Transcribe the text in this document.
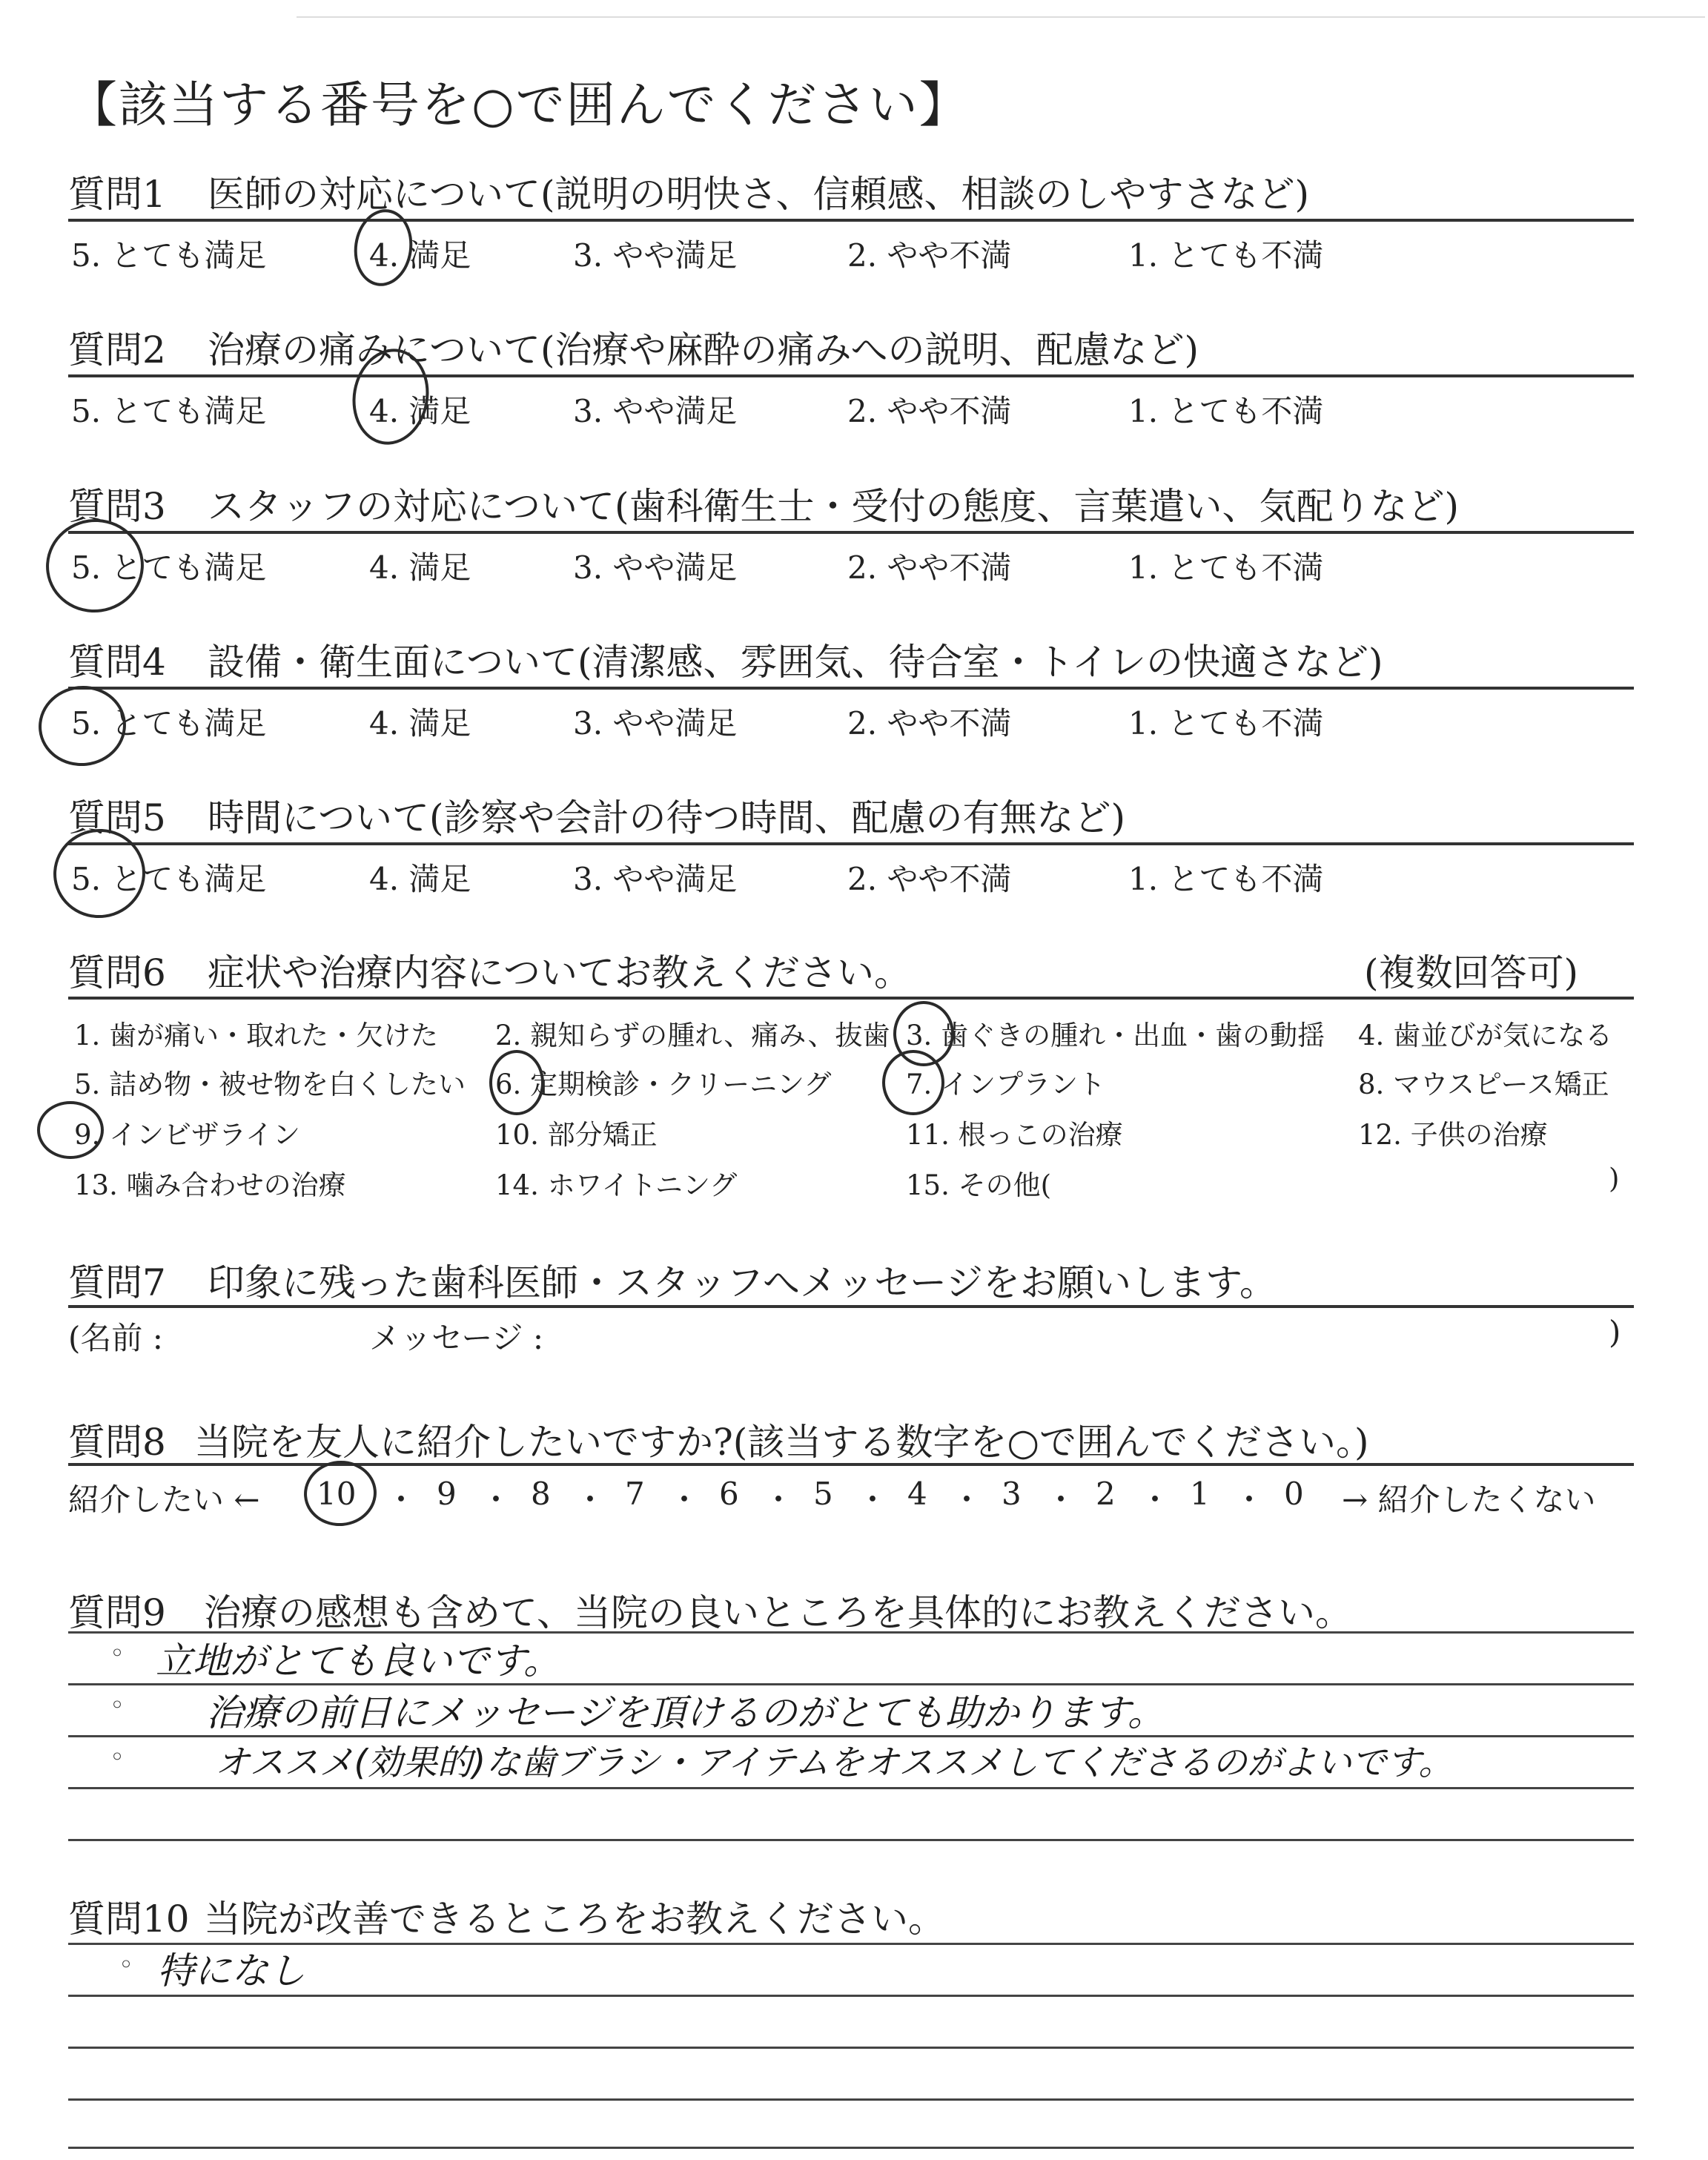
【該当する番号を○で囲んでください】
質問1 医師の対応について(説明の明快さ、信頼感、相談のしやすさなど)
5. とても満足	4. 満足	3. やや満足	2. やや不満	1. とても不満
質問2 治療の痛みについて(治療や麻酔の痛みへの説明、配慮など)
5. とても満足	4. 満足	3. やや満足	2. やや不満	1. とても不満
質問3 スタッフの対応について(歯科衛生士・受付の態度、言葉遣い、気配りなど)
5. とても満足	4. 満足	3. やや満足	2. やや不満	1. とても不満
質問4 設備・衛生面について(清潔感、雰囲気、待合室・トイレの快適さなど)
5. とても満足	4. 満足	3. やや満足	2. やや不満	1. とても不満
質問5 時間について(診察や会計の待つ時間、配慮の有無など)
5. とても満足	4. 満足	3. やや満足	2. やや不満	1. とても不満
質問6 症状や治療内容についてお教えください。	(複数回答可)
1. 歯が痛い・取れた・欠けた 2. 親知らずの腫れ、痛み、抜歯 3. 歯ぐきの腫れ・出血・歯の動揺 4. 歯並びが気になる
5. 詰め物・被せ物を白くしたい 6. 定期検診・クリーニング	7. インプラント	8. マウスピース矯正
9. インビザライン	10. 部分矯正	11. 根っこの治療	12. 子供の治療
13. 噛み合わせの治療	14. ホワイトニング	15. その他(	)
質問7 印象に残った歯科医師・スタッフへメッセージをお願いします。
(名前 :	メッセージ :	)
質問8 当院を友人に紹介したいですか?(該当する数字を○で囲んでください。)
紹介したい ←	→ 紹介したくない
10 ・ 9 ・ 8 ・ 7 ・ 6 ・ 5 ・ 4 ・ 3 ・ 2 ・ 1 ・ 0
質問9 治療の感想も含めて、当院の良いところを具体的にお教えください。
◦ 立地がとても良いです。
◦ 治療の前日にメッセージを頂けるのがとても助かります。
◦	オススメ(効果的)な歯ブラシ・アイテムをオススメしてくださるのがよいです。
質問10 当院が改善できるところをお教えください。
◦ 特になし
